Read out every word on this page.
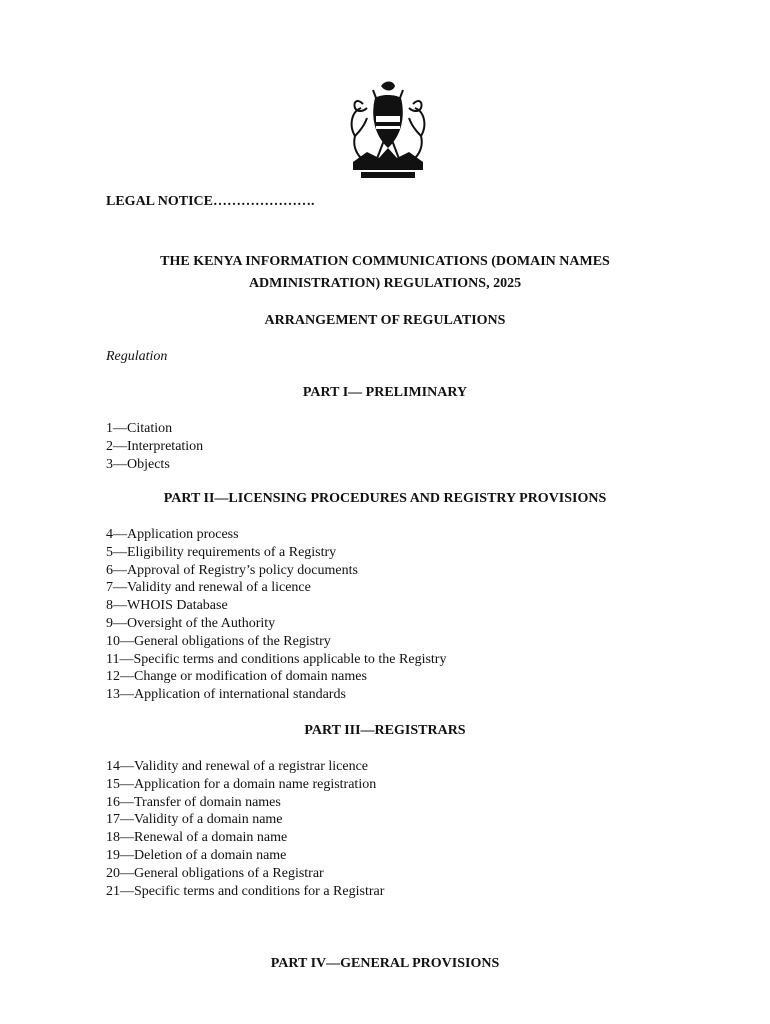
LEGAL NOTICE………………….
THE KENYA INFORMATION COMMUNICATIONS (DOMAIN NAMES
ADMINISTRATION) REGULATIONS, 2025
ARRANGEMENT OF REGULATIONS
Regulation
PART I— PRELIMINARY
1—Citation
2—Interpretation
3—Objects
PART II—LICENSING PROCEDURES AND REGISTRY PROVISIONS
4—Application process
5—Eligibility requirements of a Registry
6—Approval of Registry’s policy documents
7—Validity and renewal of a licence
8—WHOIS Database
9—Oversight of the Authority
10—General obligations of the Registry
11—Specific terms and conditions applicable to the Registry
12—Change or modification of domain names
13—Application of international standards
PART III—REGISTRARS
14—Validity and renewal of a registrar licence
15—Application for a domain name registration
16—Transfer of domain names
17—Validity of a domain name
18—Renewal of a domain name
19—Deletion of a domain name
20—General obligations of a Registrar
21—Specific terms and conditions for a Registrar
PART IV—GENERAL PROVISIONS
